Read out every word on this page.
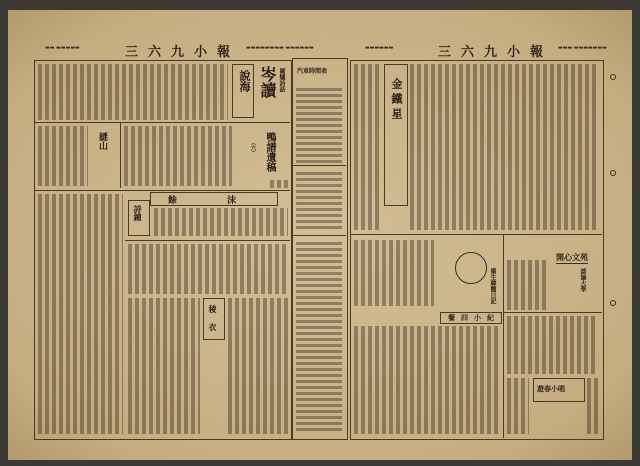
▬▬ ▬▬▬▬▬	三六九小報 ▬▬▬▬▬▬▬▬ ▬▬▬▬▬▬
說海 岑讀 圍爐詩話
謎山	鴨譜遺稿
（六）
餘沫
詩鐘
稜衣
汽車時間表
▬▬▬▬▬▬	三六九小報 ▬▬▬ ▬▬▬▬▬▬▬
金鐵星
衛生韓醫日記
餐四小紀
開心文苑
談論大學
遊春小唱
